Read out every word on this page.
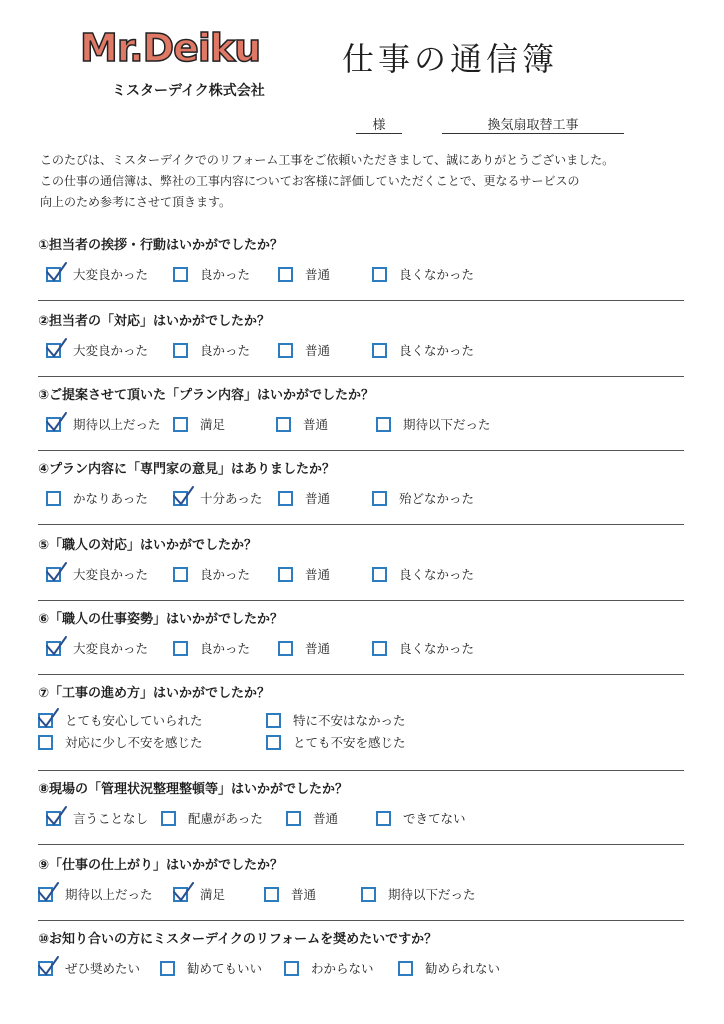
Mr.Deiku
ミスターデイク株式会社
仕事の通信簿
様	換気扇取替工事
このたびは、ミスターデイクでのリフォーム工事をご依頼いただきまして、誠にありがとうございました。
この仕事の通信簿は、弊社の工事内容についてお客様に評価していただくことで、更なるサービスの
向上のため参考にさせて頂きます。
①担当者の挨拶・行動はいかがでしたか？
大変良かった	良かった	普通	良くなかった
②担当者の「対応」はいかがでしたか？
大変良かった	良かった	普通	良くなかった
③ご提案させて頂いた「プラン内容」はいかがでしたか？
期待以上だった	満足	普通	期待以下だった
④プラン内容に「専門家の意見」はありましたか？
かなりあった	十分あった	普通	殆どなかった
⑤「職人の対応」はいかがでしたか？
大変良かった	良かった	普通	良くなかった
⑥「職人の仕事姿勢」はいかがでしたか？
大変良かった	良かった	普通	良くなかった
⑦「工事の進め方」はいかがでしたか？
とても安心していられた	特に不安はなかった
対応に少し不安を感じた	とても不安を感じた
⑧現場の「管理状況整理整頓等」はいかがでしたか？
言うことなし	配慮があった	普通	できてない
⑨「仕事の仕上がり」はいかがでしたか？
期待以上だった	満足	普通	期待以下だった
⑩お知り合いの方にミスターデイクのリフォームを奨めたいですか？
ぜひ奨めたい	勧めてもいい	わからない	勧められない
